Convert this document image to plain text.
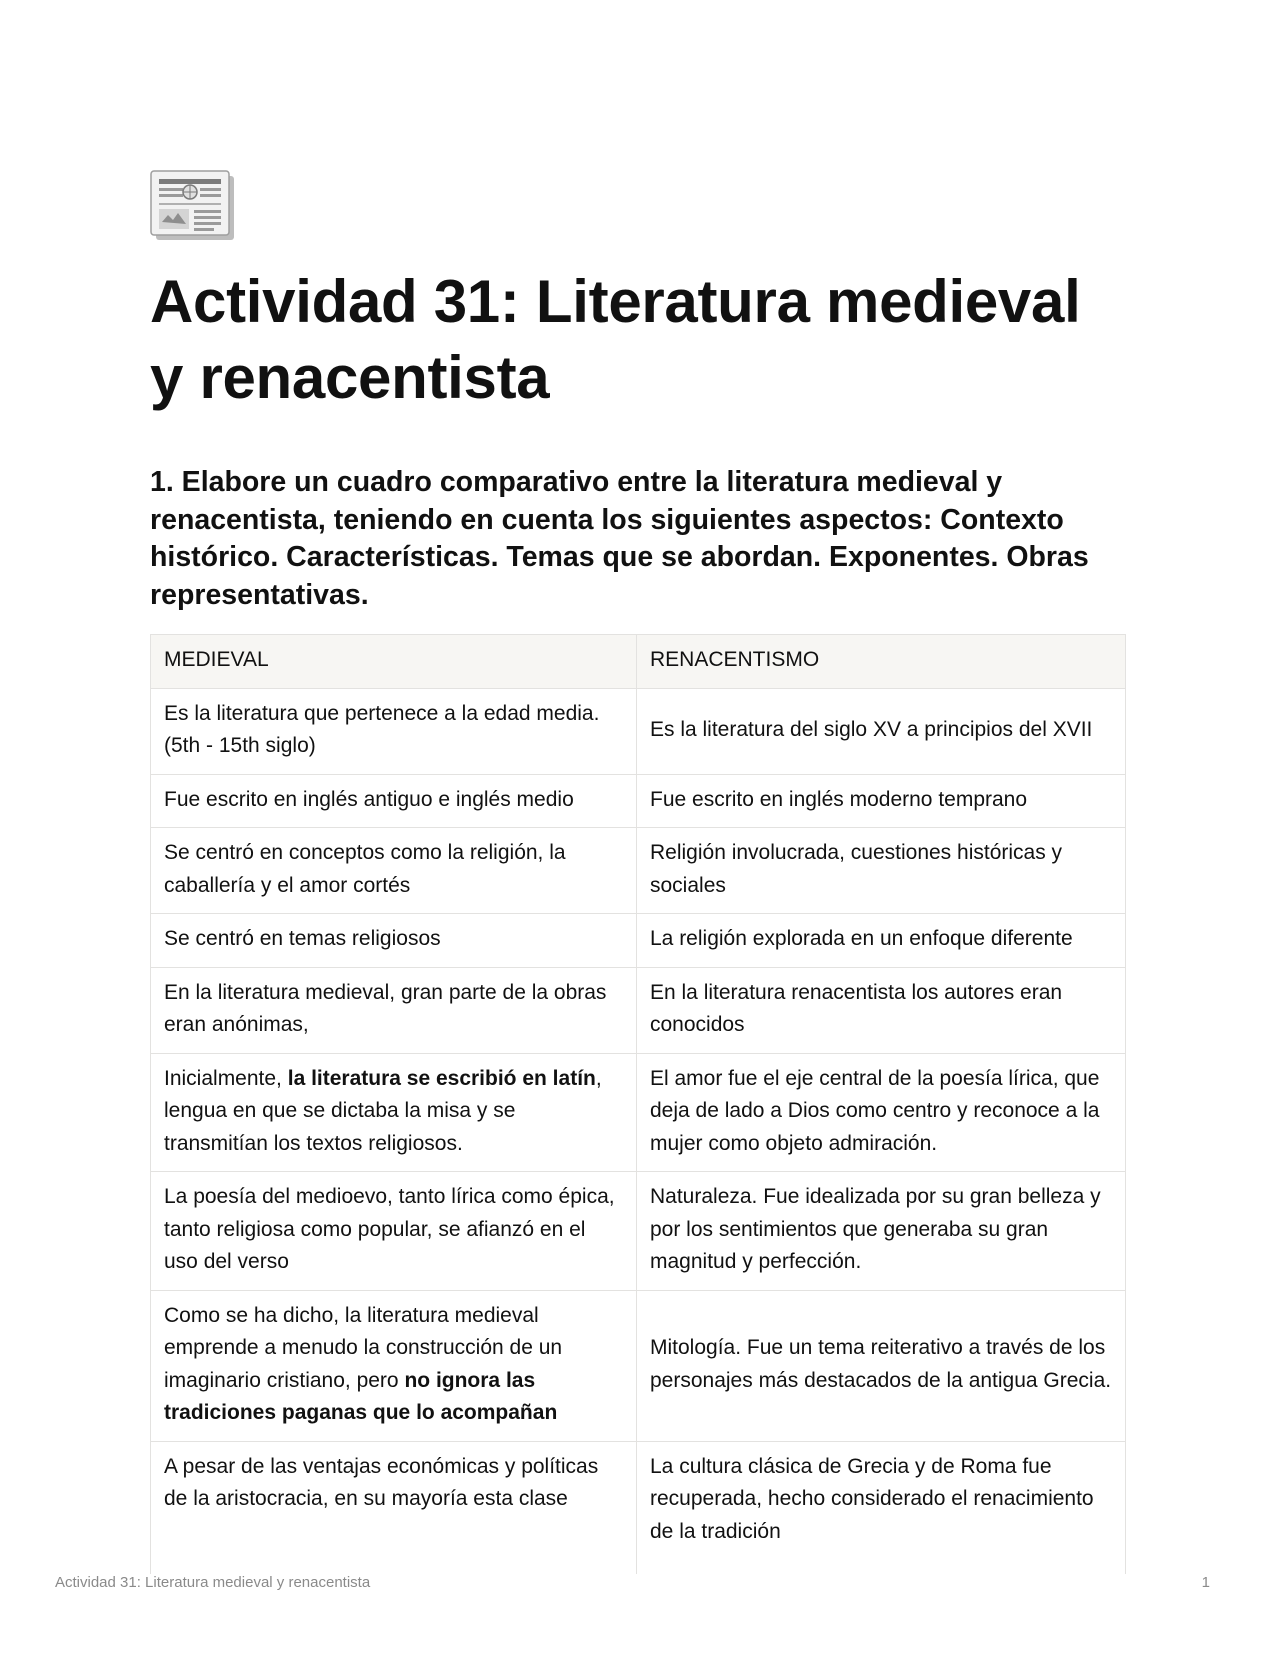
Actividad 31: Literatura medieval y renacentista
1. Elabore un cuadro comparativo entre la literatura medieval y renacentista, teniendo en cuenta los siguientes aspectos: Contexto histórico. Características. Temas que se abordan. Exponentes. Obras representativas.
MEDIEVAL	RENACENTISMO
Es la literatura que pertenece a la edad media. (5th - 15th siglo)	Es la literatura del siglo XV a principios del XVII
Fue escrito en inglés antiguo e inglés medio	Fue escrito en inglés moderno temprano
Se centró en conceptos como la religión, la caballería y el amor cortés	Religión involucrada, cuestiones históricas y sociales
Se centró en temas religiosos	La religión explorada en un enfoque diferente
En la literatura medieval, gran parte de la obras eran anónimas,	En la literatura renacentista los autores eran conocidos
Inicialmente, la literatura se escribió en latín, lengua en que se dictaba la misa y se transmitían los textos religiosos.	El amor fue el eje central de la poesía lírica, que deja de lado a Dios como centro y reconoce a la mujer como objeto admiración.
La poesía del medioevo, tanto lírica como épica, tanto religiosa como popular, se afianzó en el uso del verso	Naturaleza. Fue idealizada por su gran belleza y por los sentimientos que generaba su gran magnitud y perfección.
Como se ha dicho, la literatura medieval emprende a menudo la construcción de un imaginario cristiano, pero no ignora las tradiciones paganas que lo acompañan	Mitología. Fue un tema reiterativo a través de los personajes más destacados de la antigua Grecia.
A pesar de las ventajas económicas y políticas de la aristocracia, en su mayoría esta clase	La cultura clásica de Grecia y de Roma fue recuperada, hecho considerado el renacimiento de la tradición
Actividad 31: Literatura medieval y renacentista	1
